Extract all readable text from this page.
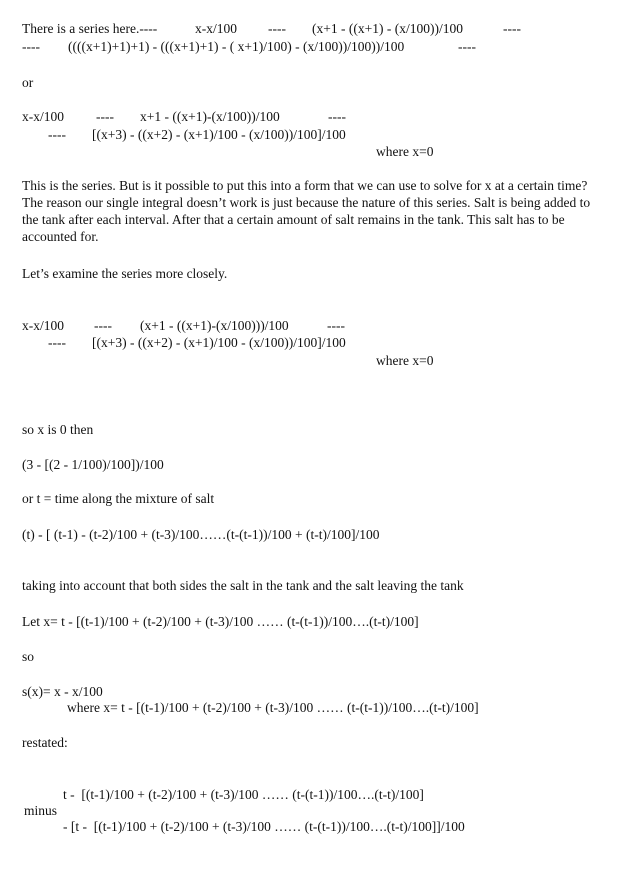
There is a series here.----	x-x/100 ---- (x+1 - ((x+1) - (x/100))/100	----
---- ((((x+1)+1)+1) - (((x+1)+1) - ( x+1)/100) - (x/100))/100))/100	----
or
x-x/100 ---- x+1 - ((x+1)-(x/100))/100	----
---- [(x+3) - ((x+2) - (x+1)/100 - (x/100))/100]/100
where x=0
This is the series. But is it possible to put this into a form that we can use to solve for x at a certain time? The reason our single integral doesn’t work is just because the nature of this series. Salt is being added to the tank after each interval. After that a certain amount of salt remains in the tank. This salt has to be accounted for.
Let’s examine the series more closely.
x-x/100 ---- (x+1 - ((x+1)-(x/100)))/100	----
---- [(x+3) - ((x+2) - (x+1)/100 - (x/100))/100]/100
where x=0
so x is 0 then
(3 - [(2 - 1/100)/100])/100
or t = time along the mixture of salt
(t) - [ (t-1) - (t-2)/100 + (t-3)/100……(t-(t-1))/100 + (t-t)/100]/100
taking into account that both sides the salt in the tank and the salt leaving the tank
Let x= t - [(t-1)/100 + (t-2)/100 + (t-3)/100 …… (t-(t-1))/100….(t-t)/100]
so
s(x)= x - x/100
where x= t - [(t-1)/100 + (t-2)/100 + (t-3)/100 …… (t-(t-1))/100….(t-t)/100]
restated:
t -  [(t-1)/100 + (t-2)/100 + (t-3)/100 …… (t-(t-1))/100….(t-t)/100]
minus
- [t -  [(t-1)/100 + (t-2)/100 + (t-3)/100 …… (t-(t-1))/100….(t-t)/100]]/100
